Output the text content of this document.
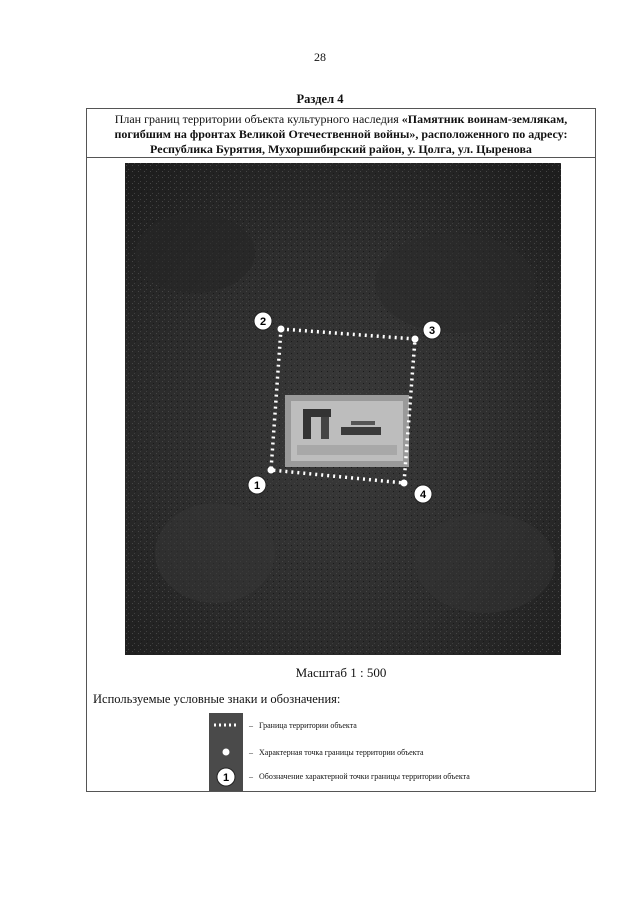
28
Раздел 4
План границ территории объекта культурного наследия «Памятник воинам-землякам, погибшим на фронтах Великой Отечественной войны», расположенного по адресу: Республика Бурятия, Мухоршибирский район, у. Цолга, ул. Цыренова
1
2
3
4
Масштаб 1 : 500
Используемые условные знаки и обозначения:
1
– Граница территории объекта
– Характерная точка границы территории объекта
– Обозначение характерной точки границы территории объекта
